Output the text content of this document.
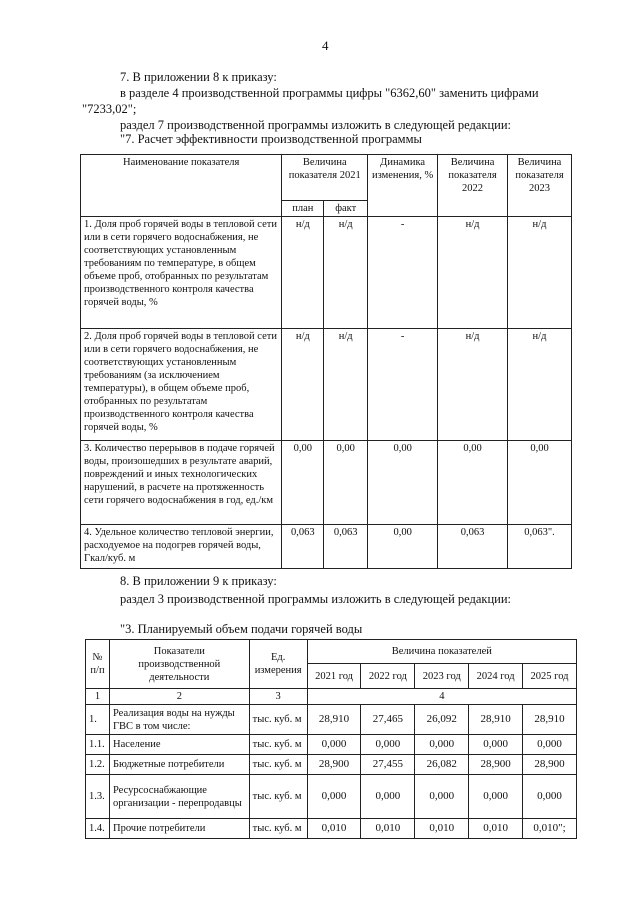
4
7. В приложении 8 к приказу:
в разделе 4 производственной программы цифры "6362,60" заменить цифрами
"7233,02";
раздел 7 производственной программы изложить в следующей редакции:
"7. Расчет эффективности производственной программы
Наименование показателя	Величина показателя 2021		Динамика изменения, %	Величина показателя 2022	Величина показателя 2023
	план	факт			
1. Доля проб горячей воды в тепловой сети или в сети горячего водоснабжения, не соответствующих установленным требованиям по температуре, в общем объеме проб, отобранных по результатам производственного контроля качества горячей воды, %	н/д	н/д	-	н/д	н/д
2. Доля проб горячей воды в тепловой сети или в сети горячего водоснабжения, не соответствующих установленным требованиям (за исключением температуры), в общем объеме проб, отобранных по результатам производственного контроля качества горячей воды, %	н/д	н/д	-	н/д	н/д
3. Количество перерывов в подаче горячей воды, произошедших в результате аварий, повреждений и иных технологических нарушений, в расчете на протяженность сети горячего водоснабжения в год, ед./км	0,00	0,00	0,00	0,00	0,00
4. Удельное количество тепловой энергии, расходуемое на подогрев горячей воды, Гкал/куб. м	0,063	0,063	0,00	0,063	0,063".
8. В приложении 9 к приказу:
раздел 3 производственной программы изложить в следующей редакции:
"3. Планируемый объем подачи горячей воды
№ п/п	Показатели производственной деятельности	Ед. измерения	Величина показателей				
			2021 год	2022 год	2023 год	2024 год	2025 год
1	2	3	4				
1.	Реализация воды на нужды ГВС в том числе:	тыс. куб. м	28,910	27,465	26,092	28,910	28,910
1.1.	Население	тыс. куб. м	0,000	0,000	0,000	0,000	0,000
1.2.	Бюджетные потребители	тыс. куб. м	28,900	27,455	26,082	28,900	28,900
1.3.	Ресурсоснабжающие организации - перепродавцы	тыс. куб. м	0,000	0,000	0,000	0,000	0,000
1.4.	Прочие потребители	тыс. куб. м	0,010	0,010	0,010	0,010	0,010";
